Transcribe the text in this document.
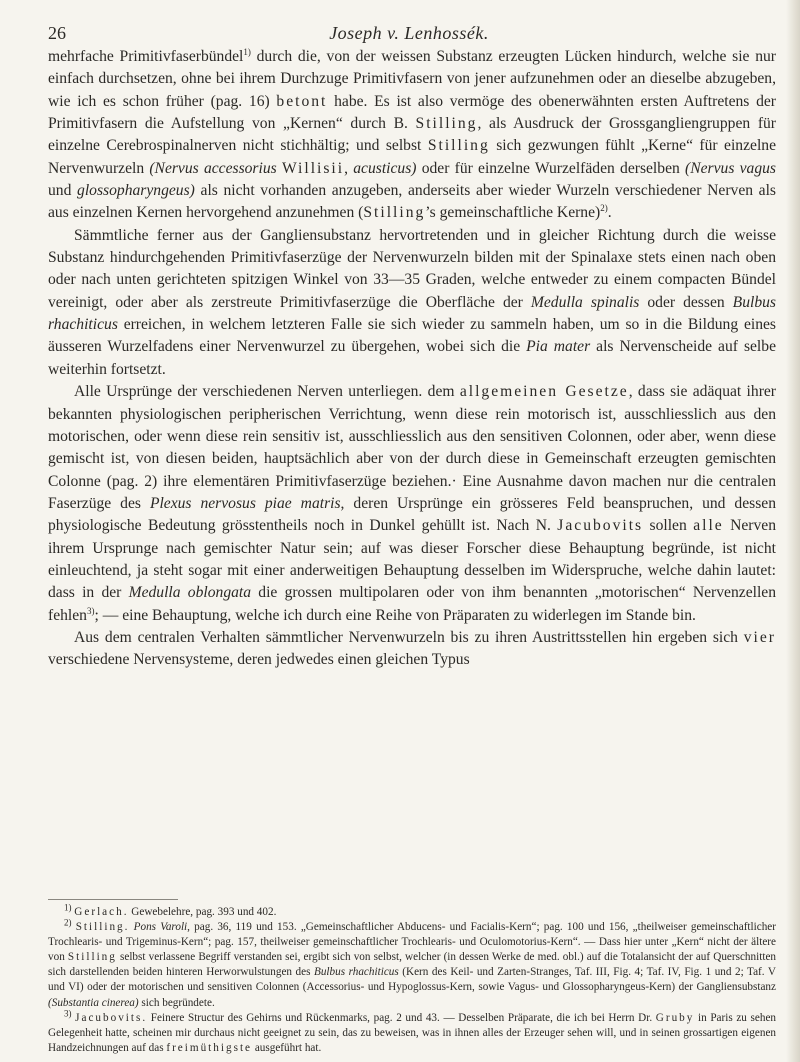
26	Joseph v. Lenhossék.

mehrfache Primitivfaserbündel$^{1)}$ durch die, von der weissen Substanz erzeugten Lücken hindurch, welche sie nur einfach durchsetzen, ohne bei ihrem Durchzuge Primitivfasern von jener aufzunehmen oder an dieselbe abzugeben, wie ich es schon früher (pag. 16) betont habe. Es ist also vermöge des obenerwähnten ersten Auftretens der Primitivfasern die Aufstellung von „Kernen“ durch B. Stilling, als Ausdruck der Grossgangliengruppen für einzelne Cerebrospinalnerven nicht stichhältig; und selbst Stilling sich gezwungen fühlt „Kerne“ für einzelne Nervenwurzeln (Nervus accessorius Willisii, acusticus) oder für einzelne Wurzelfäden derselben (Nervus vagus und glossopharyngeus) als nicht vorhanden anzugeben, anderseits aber wieder Wurzeln verschiedener Nerven als aus einzelnen Kernen hervorgehend anzunehmen (Stilling’s gemeinschaftliche Kerne)$^{2)}$.

Sämmtliche ferner aus der Gangliensubstanz hervortretenden und in gleicher Richtung durch die weisse Substanz hindurchgehenden Primitivfaserzüge der Nervenwurzeln bilden mit der Spinalaxe stets einen nach oben oder nach unten gerichteten spitzigen Winkel von 33—35 Graden, welche entweder zu einem compacten Bündel vereinigt, oder aber als zerstreute Primitivfaserzüge die Oberfläche der Medulla spinalis oder dessen Bulbus rhachiticus erreichen, in welchem letzteren Falle sie sich wieder zu sammeln haben, um so in die Bildung eines äusseren Wurzelfadens einer Nervenwurzel zu übergehen, wobei sich die Pia mater als Nervenscheide auf selbe weiterhin fortsetzt.

Alle Ursprünge der verschiedenen Nerven unterliegen. dem allgemeinen Gesetze, dass sie adäquat ihrer bekannten physiologischen peripherischen Verrichtung, wenn diese rein motorisch ist, ausschliesslich aus den motorischen, oder wenn diese rein sensitiv ist, ausschliesslich aus den sensitiven Colonnen, oder aber, wenn diese gemischt ist, von diesen beiden, hauptsächlich aber von der durch diese in Gemeinschaft erzeugten gemischten Colonne (pag. 2) ihre elementären Primitivfaserzüge beziehen.· Eine Ausnahme davon machen nur die centralen Faserzüge des Plexus nervosus piae matris, deren Ursprünge ein grösseres Feld beanspruchen, und dessen physiologische Bedeutung grösstentheils noch in Dunkel gehüllt ist. Nach N. Jacubovits sollen alle Nerven ihrem Ursprunge nach gemischter Natur sein; auf was dieser Forscher diese Behauptung begründe, ist nicht einleuchtend, ja steht sogar mit einer anderweitigen Behauptung desselben im Widerspruche, welche dahin lautet: dass in der Medulla oblongata die grossen multipolaren oder von ihm benannten „motorischen“ Nervenzellen fehlen$^{3)}$; — eine Behauptung, welche ich durch eine Reihe von Präparaten zu widerlegen im Stande bin.

Aus dem centralen Verhalten sämmtlicher Nervenwurzeln bis zu ihren Austrittsstellen hin ergeben sich vier verschiedene Nervensysteme, deren jedwedes einen gleichen Typus

$^{1)}$ Gerlach. Gewebelehre, pag. 393 und 402.

$^{2)}$ Stilling. Pons Varoli, pag. 36, 119 und 153. „Gemeinschaftlicher Abducens- und Facialis-Kern“; pag. 100 und 156, „theilweiser gemeinschaftlicher Trochlearis- und Trigeminus-Kern“; pag. 157, theilweiser gemeinschaftlicher Trochlearis- und Oculomotorius-Kern“. — Dass hier unter „Kern“ nicht der ältere von Stilling selbst verlassene Begriff verstanden sei, ergibt sich von selbst, welcher (in dessen Werke de med. obl.) auf die Totalansicht der auf Querschnitten sich darstellenden beiden hinteren Herworwulstungen des Bulbus rhachiticus (Kern des Keil- und Zarten-Stranges, Taf. III, Fig. 4; Taf. IV, Fig. 1 und 2; Taf. V und VI) oder der motorischen und sensitiven Colonnen (Accessorius- und Hypoglossus-Kern, sowie Vagus- und Glossopharyngeus-Kern) der Gangliensubstanz (Substantia cinerea) sich begründete.

$^{3)}$ Jacubovits. Feinere Structur des Gehirns und Rückenmarks, pag. 2 und 43. — Desselben Präparate, die ich bei Herrn Dr. Gruby in Paris zu sehen Gelegenheit hatte, scheinen mir durchaus nicht geeignet zu sein, das zu beweisen, was in ihnen alles der Erzeuger sehen will, und in seinen grossartigen eigenen Handzeichnungen auf das freimüthigste ausgeführt hat.
